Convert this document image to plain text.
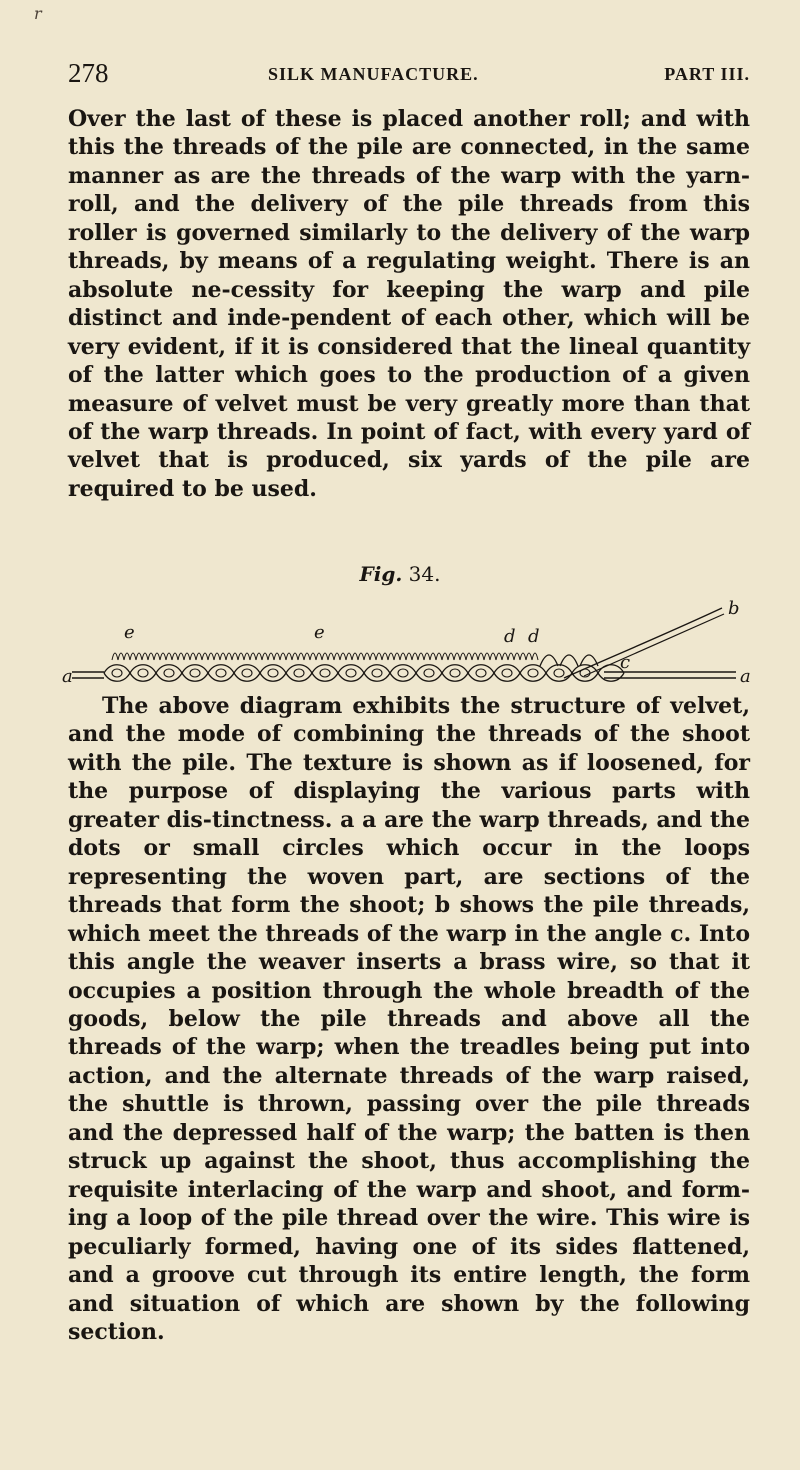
r
278	SILK MANUFACTURE.	PART III.

Over the last of these is placed another roll; and with this the threads of the pile are connected, in the same manner as are the threads of the warp with the yarn-roll, and the delivery of the pile threads from this roller is governed similarly to the delivery of the warp threads, by means of a regulating weight. There is an absolute ne-cessity for keeping the warp and pile distinct and inde-pendent of each other, which will be very evident, if it is considered that the lineal quantity of the latter which goes to the production of a given measure of velvet must be very greatly more than that of the warp threads. In point of fact, with every yard of velvet that is produced, six yards of the pile are required to be used.

Fig. 34.
a	a
b
c
d d
e	e

The above diagram exhibits the structure of velvet, and the mode of combining the threads of the shoot with the pile. The texture is shown as if loosened, for the purpose of displaying the various parts with greater dis-tinctness. a a are the warp threads, and the dots or small circles which occur in the loops representing the woven part, are sections of the threads that form the shoot; b shows the pile threads, which meet the threads of the warp in the angle c. Into this angle the weaver inserts a brass wire, so that it occupies a position through the whole breadth of the goods, below the pile threads and above all the threads of the warp; when the treadles being put into action, and the alternate threads of the warp raised, the shuttle is thrown, passing over the pile threads and the depressed half of the warp; the batten is then struck up against the shoot, thus accomplishing the requisite interlacing of the warp and shoot, and form-ing a loop of the pile thread over the wire. This wire is peculiarly formed, having one of its sides flattened, and a groove cut through its entire length, the form and situation of which are shown by the following section.
